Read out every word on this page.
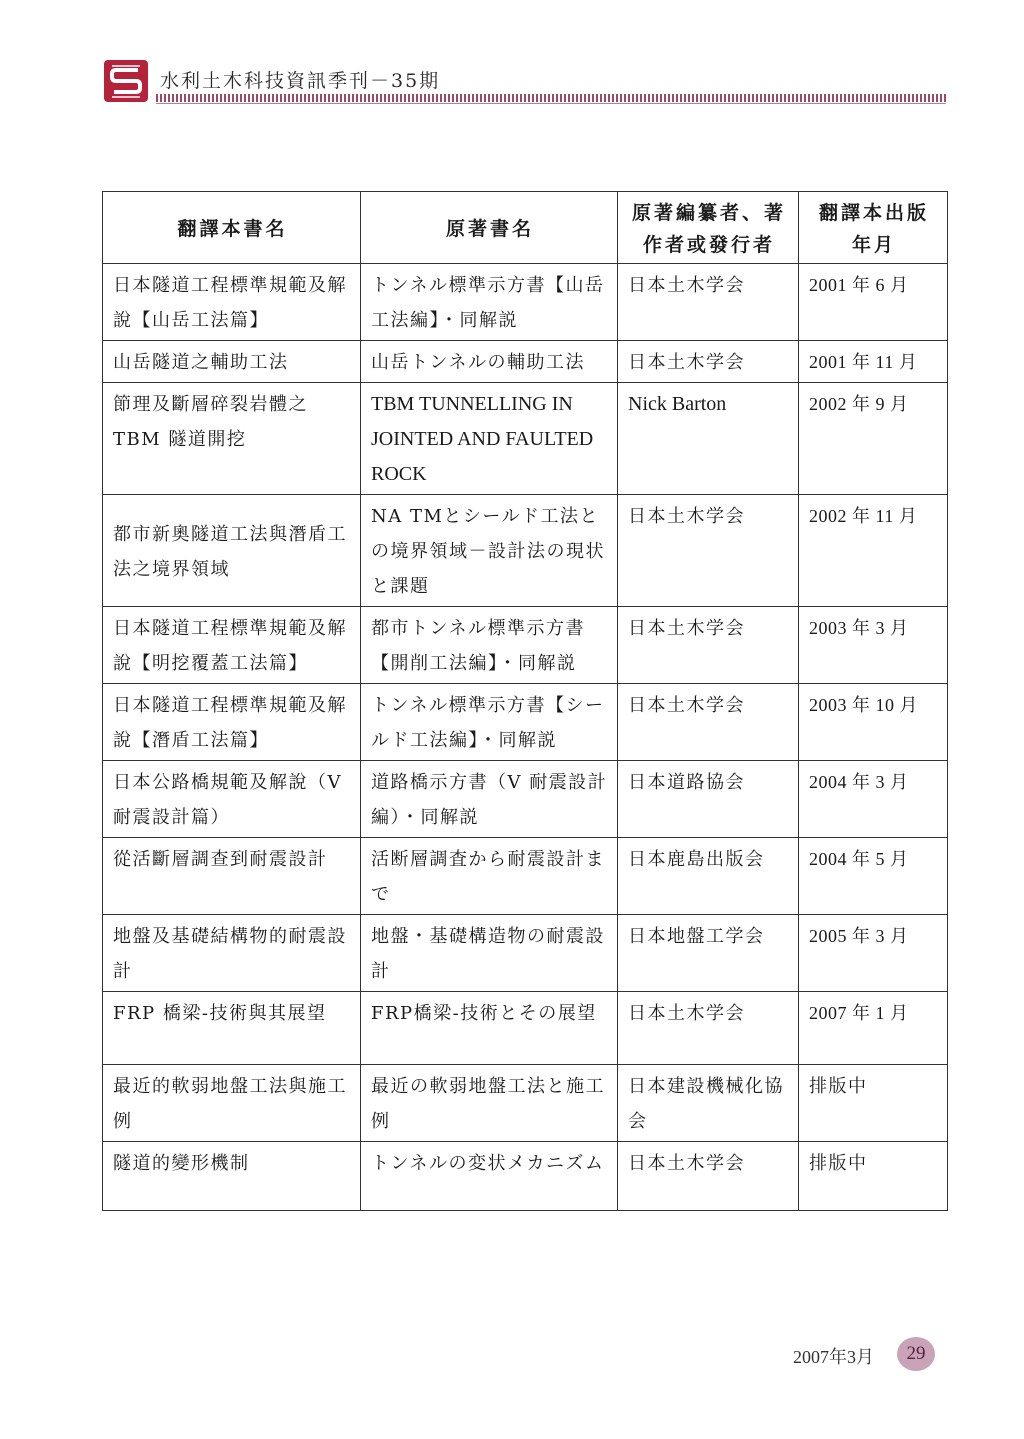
水利土木科技資訊季刊－35期
翻譯本書名	原著書名	原著編纂者、著作者或發行者	翻譯本出版年月
日本隧道工程標準規範及解說【山岳工法篇】	トンネル標準示方書【山岳工法編】・同解説	日本土木学会	2001 年 6 月
山岳隧道之輔助工法	山岳トンネルの輔助工法	日本土木学会	2001 年 11 月
節理及斷層碎裂岩體之TBM 隧道開挖	TBM TUNNELLING IN JOINTED AND FAULTED ROCK	Nick Barton	2002 年 9 月
都市新奧隧道工法與潛盾工法之境界領域	NA TMとシールド工法との境界領域－設計法の現状と課題	日本土木学会	2002 年 11 月
日本隧道工程標準規範及解說【明挖覆蓋工法篇】	都市トンネル標準示方書【開削工法編】・同解説	日本土木学会	2003 年 3 月
日本隧道工程標準規範及解說【潛盾工法篇】	トンネル標準示方書【シールド工法編】・同解説	日本土木学会	2003 年 10 月
日本公路橋規範及解說（V 耐震設計篇）	道路橋示方書（V 耐震設計編）・同解説	日本道路協会	2004 年 3 月
從活斷層調查到耐震設計	活断層調査から耐震設計まで	日本鹿島出版会	2004 年 5 月
地盤及基礎結構物的耐震設計	地盤・基礎構造物の耐震設計	日本地盤工学会	2005 年 3 月
FRP 橋梁-技術與其展望	FRP橋梁-技術とその展望	日本土木学会	2007 年 1 月
最近的軟弱地盤工法與施工例	最近の軟弱地盤工法と施工例	日本建設機械化協会	排版中
隧道的變形機制	トンネルの変状メカニズム	日本土木学会	排版中
2007年3月	29
